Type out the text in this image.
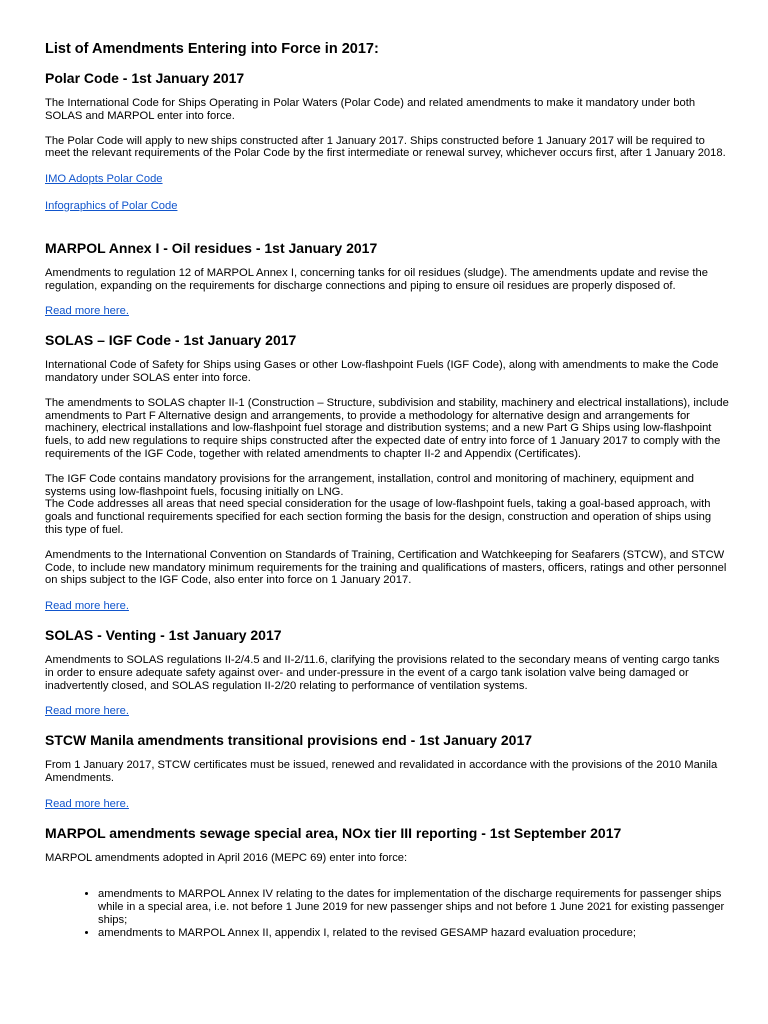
List of Amendments Entering into Force in 2017:
Polar Code - 1st January 2017

The International Code for Ships Operating in Polar Waters (Polar Code) and related amendments to make it mandatory under both SOLAS and MARPOL enter into force.

The Polar Code will apply to new ships constructed after 1 January 2017. Ships constructed before 1 January 2017 will be required to meet the relevant requirements of the Polar Code by the first intermediate or renewal survey, whichever occurs first, after 1 January 2018.

IMO Adopts Polar Code
Infographics of Polar Code
MARPOL Annex I - Oil residues - 1st January 2017

Amendments to regulation 12 of MARPOL Annex I, concerning tanks for oil residues (sludge). The amendments update and revise the regulation, expanding on the requirements for discharge connections and piping to ensure oil residues are properly disposed of.

Read more here.
SOLAS – IGF Code - 1st January 2017

International Code of Safety for Ships using Gases or other Low-flashpoint Fuels (IGF Code), along with amendments to make the Code mandatory under SOLAS enter into force.

The amendments to SOLAS chapter II-1 (Construction – Structure, subdivision and stability, machinery and electrical installations), include amendments to Part F Alternative design and arrangements, to provide a methodology for alternative design and arrangements for machinery, electrical installations and low-flashpoint fuel storage and distribution systems; and a new Part G Ships using low-flashpoint fuels, to add new regulations to require ships constructed after the expected date of entry into force of 1 January 2017 to comply with the requirements of the IGF Code, together with related amendments to chapter II-2 and Appendix (Certificates).

The IGF Code contains mandatory provisions for the arrangement, installation, control and monitoring of machinery, equipment and systems using low-flashpoint fuels, focusing initially on LNG.

The Code addresses all areas that need special consideration for the usage of low-flashpoint fuels, taking a goal-based approach, with goals and functional requirements specified for each section forming the basis for the design, construction and operation of ships using this type of fuel.

Amendments to the International Convention on Standards of Training, Certification and Watchkeeping for Seafarers (STCW), and STCW Code, to include new mandatory minimum requirements for the training and qualifications of masters, officers, ratings and other personnel on ships subject to the IGF Code, also enter into force on 1 January 2017.

Read more here.
SOLAS - Venting - 1st January 2017

Amendments to SOLAS regulations II-2/4.5 and II-2/11.6, clarifying the provisions related to the secondary means of venting cargo tanks in order to ensure adequate safety against over- and under-pressure in the event of a cargo tank isolation valve being damaged or inadvertently closed, and SOLAS regulation II-2/20 relating to performance of ventilation systems.

Read more here.
STCW Manila amendments transitional provisions end - 1st January 2017

From 1 January 2017, STCW certificates must be issued, renewed and revalidated in accordance with the provisions of the 2010 Manila Amendments.

Read more here.
MARPOL amendments sewage special area, NOx tier III reporting - 1st September 2017

MARPOL amendments adopted in April 2016 (MEPC 69) enter into force:

• amendments to MARPOL Annex IV relating to the dates for implementation of the discharge requirements for passenger ships while in a special area, i.e. not before 1 June 2019 for new passenger ships and not before 1 June 2021 for existing passenger ships;
• amendments to MARPOL Annex II, appendix I, related to the revised GESAMP hazard evaluation procedure;
